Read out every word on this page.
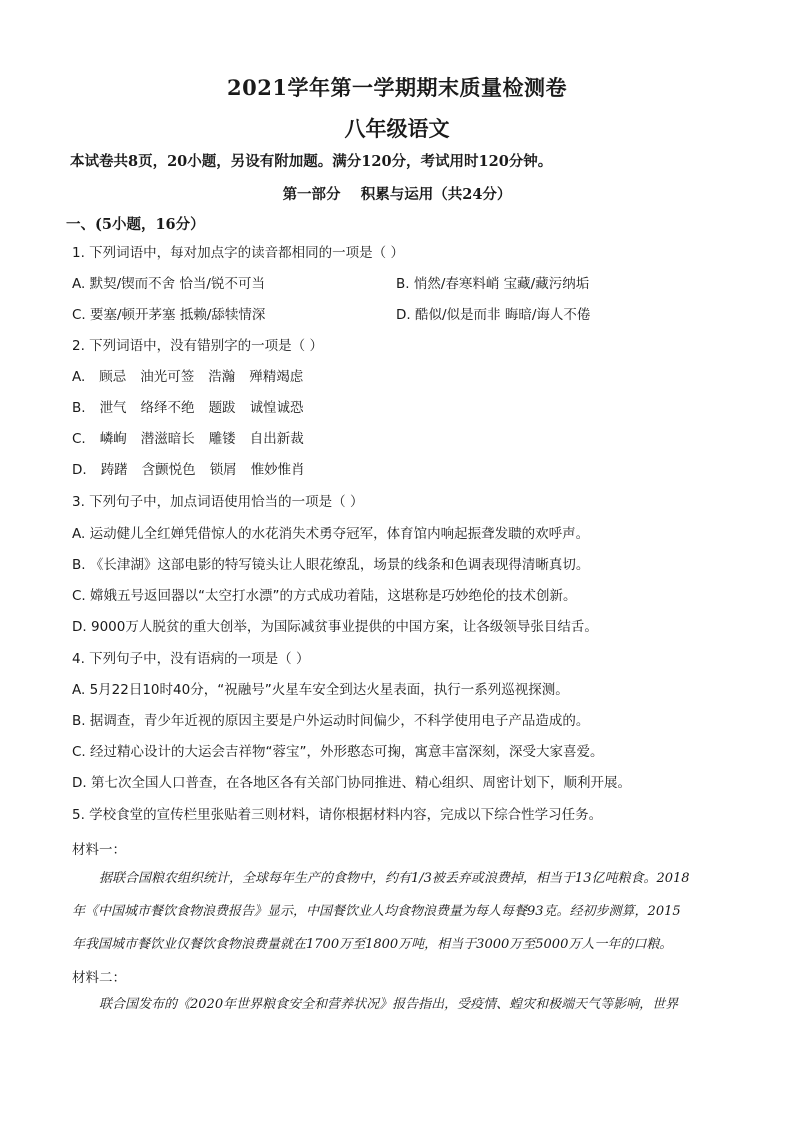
2021学年第一学期期末质量检测卷
八年级语文
本试卷共8页，20小题，另设有附加题。满分120分，考试用时120分钟。
第一部分    积累与运用（共24分）
一、(5小题，16分）
1. 下列词语中，每对加点字的读音都相同的一项是（ ）
A. 默契/锲而不舍 恰当/锐不可当	B. 悄然/春寒料峭 宝藏/藏污纳垢
C. 要塞/顿开茅塞 抵赖/舔犊情深	D. 酷似/似是而非 晦暗/诲人不倦
2. 下列词语中，没有错别字的一项是（ ）
A. 顾忌 油光可签 浩瀚 殚精竭虑
B. 泄气 络绎不绝 题跋 诚惶诚恐
C. 嶙峋 潜滋暗长 雕镂 自出新裁
D. 踌躇 含颤悦色 锁屑 惟妙惟肖
3. 下列句子中，加点词语使用恰当的一项是（ ）
A. 运动健儿全红婵凭借惊人的水花消失术勇夺冠军，体育馆内响起振聋发聩的欢呼声。
B. 《长津湖》这部电影的特写镜头让人眼花缭乱，场景的线条和色调表现得清晰真切。
C. 嫦娥五号返回器以“太空打水漂”的方式成功着陆，这堪称是巧妙绝伦的技术创新。
D. 9000万人脱贫的重大创举，为国际减贫事业提供的中国方案，让各级领导张目结舌。
4. 下列句子中，没有语病的一项是（ ）
A. 5月22日10时40分，“祝融号”火星车安全到达火星表面，执行一系列巡视探测。
B. 据调查，青少年近视的原因主要是户外运动时间偏少，不科学使用电子产品造成的。
C. 经过精心设计的大运会吉祥物“蓉宝”，外形憨态可掬，寓意丰富深刻，深受大家喜爱。
D. 第七次全国人口普查，在各地区各有关部门协同推进、精心组织、周密计划下，顺利开展。
5. 学校食堂的宣传栏里张贴着三则材料，请你根据材料内容，完成以下综合性学习任务。
材料一：
据联合国粮农组织统计，全球每年生产的食物中，约有1/3被丢弃或浪费掉，相当于13亿吨粮食。2018
年《中国城市餐饮食物浪费报告》显示，中国餐饮业人均食物浪费量为每人每餐93克。经初步测算，2015
年我国城市餐饮业仅餐饮食物浪费量就在1700万至1800万吨，相当于3000万至5000万人一年的口粮。
材料二：
联合国发布的《2020年世界粮食安全和营养状况》报告指出，受疫情、蝗灾和极端天气等影响，世界
